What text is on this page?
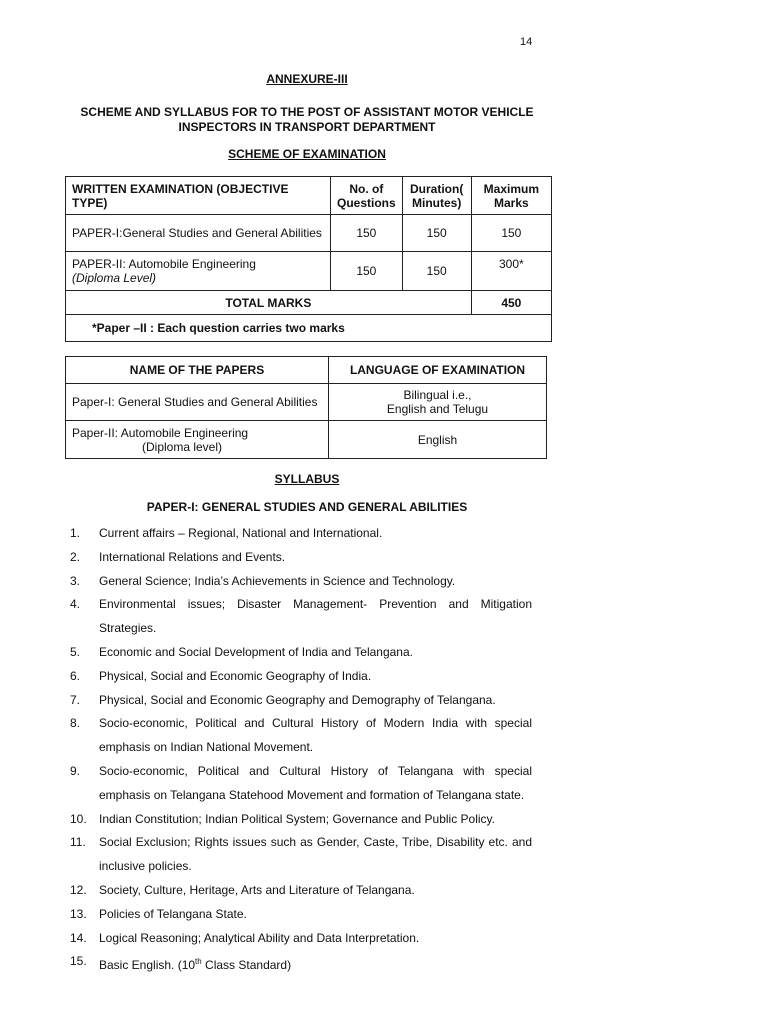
14
ANNEXURE-III
SCHEME AND SYLLABUS FOR TO THE POST OF ASSISTANT MOTOR VEHICLE
INSPECTORS IN TRANSPORT DEPARTMENT
SCHEME OF EXAMINATION
WRITTEN EXAMINATION (OBJECTIVE TYPE)	No. of Questions	Duration( Minutes)	Maximum Marks
PAPER-I:General Studies and General Abilities	150	150	150

PAPER-II: Automobile Engineering
(Diploma Level)	150	150	300*
TOTAL MARKS			450
*Paper –II : Each question carries two marks			
NAME OF THE PAPERS	LANGUAGE OF EXAMINATION
Paper-I: General Studies and General Abilities	Bilingual i.e.,
English and Telugu

Paper-II: Automobile Engineering
(Diploma level)	English
SYLLABUS
PAPER-I: GENERAL STUDIES AND GENERAL ABILITIES
1.	Current affairs – Regional, National and International.
2.	International Relations and Events.
3.	General Science; India’s Achievements in Science and Technology.
4.	Environmental issues; Disaster Management- Prevention and Mitigation Strategies.
5.	Economic and Social Development of India and Telangana.
6.	Physical, Social and Economic Geography of India.
7.	Physical, Social and Economic Geography and Demography of Telangana.
8.	Socio-economic, Political and Cultural History of Modern India with special emphasis on Indian National Movement.
9.	Socio-economic, Political and Cultural History of Telangana with special emphasis on Telangana Statehood Movement and formation of Telangana state.
10.	Indian Constitution; Indian Political System; Governance and Public Policy.
11.	Social Exclusion; Rights issues such as Gender, Caste, Tribe, Disability etc. and inclusive policies.
12.	Society, Culture, Heritage, Arts and Literature of Telangana.
13.	Policies of Telangana State.
14.	Logical Reasoning; Analytical Ability and Data Interpretation.
15.	Basic English. (10th Class Standard)
